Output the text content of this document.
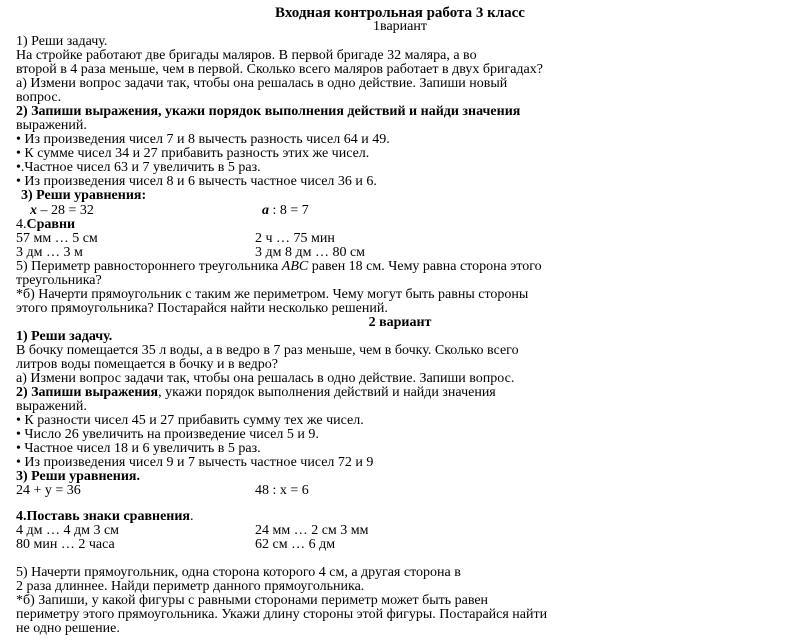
Входная контрольная работа 3 класс
1вариант
1) Реши задачу.
На стройке работают две бригады маляров. В первой бригаде 32 маляра, а во
второй в 4 раза меньше, чем в первой. Сколько всего маляров работает в двух бригадах?
а) Измени вопрос задачи так, чтобы она решалась в одно действие. Запиши новый
вопрос.
2) Запиши выражения, укажи порядок выполнения действий и найди значения
выражений.
• Из произведения чисел 7 и 8 вычесть разность чисел 64 и 49.
• К сумме чисел 34 и 27 прибавить разность этих же чисел.
•.Частное чисел 63 и 7 увеличить в 5 раз.
• Из произведения чисел 8 и 6 вычесть частное чисел 36 и 6.
3) Реши уравнения:
x – 28 = 32	a : 8 = 7
4.Сравни
57 мм … 5 см	2 ч … 75 мин
3 дм … 3 м	3 дм 8 дм … 80 см
5) Периметр равностороннего треугольника ABC равен 18 см. Чему равна сторона этого
треугольника?
*б) Начерти прямоугольник с таким же периметром. Чему могут быть равны стороны
этого прямоугольника? Постарайся найти несколько решений.
2 вариант
1) Реши задачу.
В бочку помещается 35 л воды, а в ведро в 7 раз меньше, чем в бочку. Сколько всего
литров воды помещается в бочку и в ведро?
а) Измени вопрос задачи так, чтобы она решалась в одно действие. Запиши вопрос.
2) Запиши выражения, укажи порядок выполнения действий и найди значения
выражений.
• К разности чисел 45 и 27 прибавить сумму тех же чисел.
• Число 26 увеличить на произведение чисел 5 и 9.
• Частное чисел 18 и 6 увеличить в 5 раз.
• Из произведения чисел 9 и 7 вычесть частное чисел 72 и 9
3) Реши уравнения.
24 + у = 36	48 : х = 6
4.Поставь знаки сравнения.
4 дм … 4 дм 3 см	24 мм … 2 см 3 мм
80 мин … 2 часа	62 см … 6 дм
5) Начерти прямоугольник, одна сторона которого 4 см, а другая сторона в
2 раза длиннее. Найди периметр данного прямоугольника.
*б) Запиши, у какой фигуры с равными сторонами периметр может быть равен
периметру этого прямоугольника. Укажи длину стороны этой фигуры. Постарайся найти
не одно решение.
